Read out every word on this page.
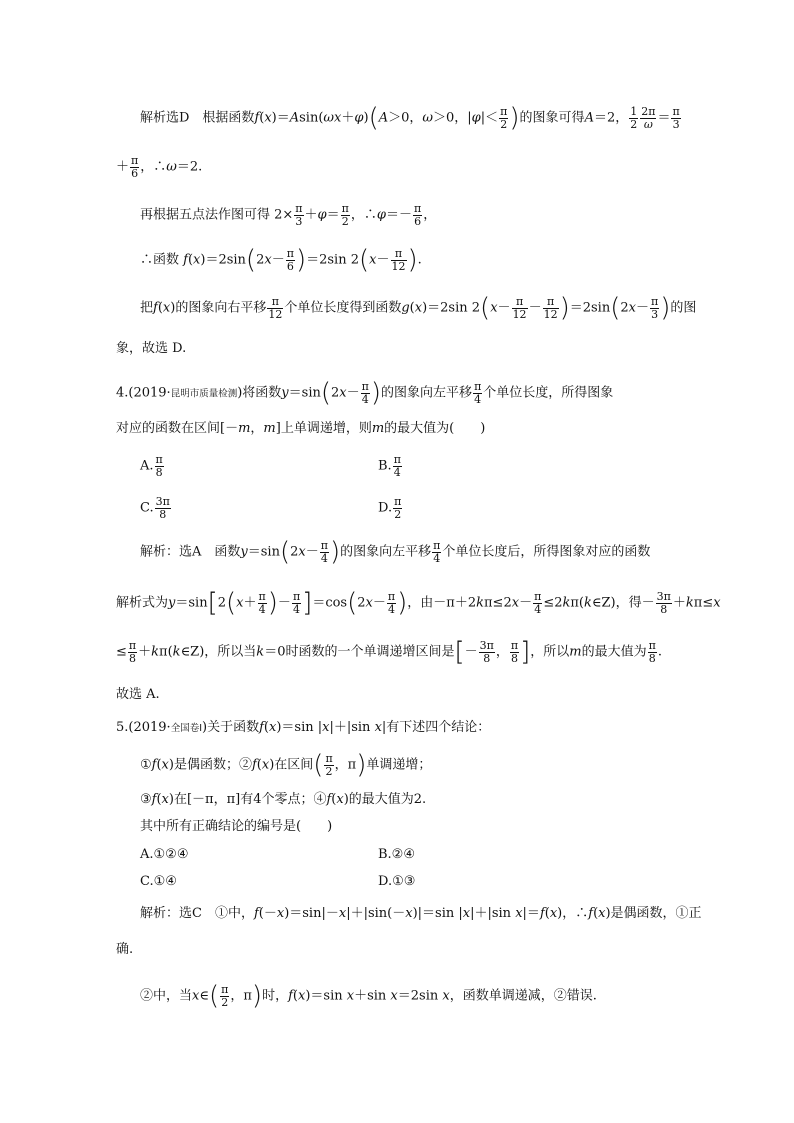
解析选D　根据函数f(x)＝Asin(ωx＋φ)(A＞0，ω＞0，$|\varphi|< \frac{\pi}{2}$ )的图象可得A＝2， $\frac{1}{2} \frac{2\pi}{\omega} = \frac{\pi}{3}$
＋ $\frac{\pi}{6}$ ，∴ω＝2.
再根据五点法作图可得 $2\times \frac{\pi}{3} +\varphi= \frac{\pi}{2}$ ，∴φ＝－ $\frac{\pi}{6}$ ，
∴函数 $f(x)=2\sin(2x- \frac{\pi}{6} )=2\sin$ $2(x- \frac{\pi}{12}$ ).
把f(x)的图象向右平移 $\frac{\pi}{12}$ 个单位长度得到函数g(x)＝2sin $2(x- \frac{\pi}{12} - \frac{\pi}{12} )=2\sin(2x- \frac{\pi}{3}$ )的图
象，故选 D.
4.(2019·昆明市质量检测)将函数$y=\sin(2x- \frac{\pi}{4}$ )的图象向左平移 $\frac{\pi}{4}$ 个单位长度，所得图象
对应的函数在区间[－m，m]上单调递增，则m的最大值为(　　)
A. $\frac{\pi}{8}$	B. $\frac{\pi}{4}$
C. $\frac{3\pi}{8}$	D. $\frac{\pi}{2}$
解析：选A　函数$y=\sin(2x- \frac{\pi}{4}$ )的图象向左平移 $\frac{\pi}{4}$ 个单位长度后，所得图象对应的函数
解析式为$y=\sin[2(x+ \frac{\pi}{4}$ )－ $\frac{\pi}{4} ]=\cos(2x- \frac{\pi}{4}$ )，由$-\pi+2k\pi\le 2x- \frac{\pi}{4}$ ≤2kπ(k∈Z)，得－ $\frac{3\pi}{8} +k\pi\le x$
≤ $\frac{\pi}{8}$ ＋kπ(k∈Z)，所以当k＝0时函数的一个单调递增区间是[－ $\frac{3\pi}{8}$ ， $\frac{\pi}{8}$ ]，所以m的最大值为 $\frac{\pi}{8}$ .
故选 A.
5.(2019·全国卷Ⅰ)关于函数f(x)＝sin |x|＋|sin x|有下述四个结论：
①f(x)是偶函数；②f(x)在区间( $\frac{\pi}{2}$ ，π)单调递增；
③f(x)在[－π，π]有4个零点；④f(x)的最大值为2.
其中所有正确结论的编号是(　　)
A.①②④	B.②④
C.①④	D.①③
解析：选C　①中，f(－x)＝sin|－x|＋|sin(－x)|＝sin |x|＋|sin x|＝f(x)，∴f(x)是偶函数，①正
确.
②中，当x∈( $\frac{\pi}{2}$ ，π)时，f(x)＝sin x＋sin x＝2sin x，函数单调递减，②错误.
